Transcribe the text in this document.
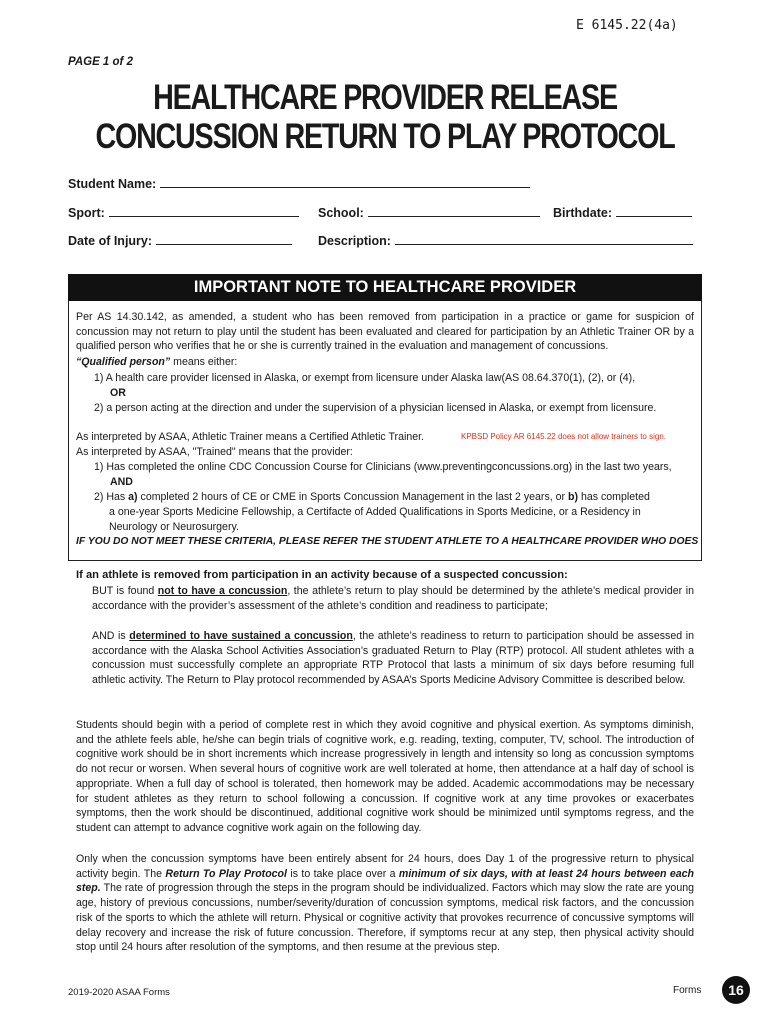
E 6145.22(4a)
PAGE 1 of 2
HEALTHCARE PROVIDER RELEASE
CONCUSSION RETURN TO PLAY PROTOCOL
Student Name:
Sport:	School:	Birthdate:
Date of Injury:	Description:
IMPORTANT NOTE TO HEALTHCARE PROVIDER
Per AS 14.30.142, as amended, a student who has been removed from participation in a practice or game for suspicion of concussion may not return to play until the student has been evaluated and cleared for participation by an Athletic Trainer OR by a qualified person who verifies that he or she is currently trained in the evaluation and management of concussions.
“Qualified person” means either:
1) A health care provider licensed in Alaska, or exempt from licensure under Alaska law(AS 08.64.370(1), (2), or (4),
OR
2) a person acting at the direction and under the supervision of a physician licensed in Alaska, or exempt from licensure.
As interpreted by ASAA, Athletic Trainer means a Certified Athletic Trainer.	KPBSD Policy AR 6145.22 does not allow trainers to sign.
As interpreted by ASAA, "Trained" means that the provider:
1) Has completed the online CDC Concussion Course for Clinicians (www.preventingconcussions.org) in the last two years,
AND
2) Has a) completed 2 hours of CE or CME in Sports Concussion Management in the last 2 years, or b) has completed
a one-year Sports Medicine Fellowship, a Certifacte of Added Qualifications in Sports Medicine, or a Residency in
Neurology or Neurosurgery.
IF YOU DO NOT MEET THESE CRITERIA, PLEASE REFER THE STUDENT ATHLETE TO A HEALTHCARE PROVIDER WHO DOES
If an athlete is removed from participation in an activity because of a suspected concussion:
BUT is found not to have a concussion, the athlete’s return to play should be determined by the athlete’s medical provider in accordance with the provider’s assessment of the athlete’s condition and readiness to participate;
AND is determined to have sustained a concussion, the athlete’s readiness to return to participation should be assessed in accordance with the Alaska School Activities Association’s graduated Return to Play (RTP) protocol. All student athletes with a concussion must successfully complete an appropriate RTP Protocol that lasts a minimum of six days before resuming full athletic activity. The Return to Play protocol recommended by ASAA’s Sports Medicine Advisory Committee is described below.
Students should begin with a period of complete rest in which they avoid cognitive and physical exertion. As symptoms diminish, and the athlete feels able, he/she can begin trials of cognitive work, e.g. reading, texting, computer, TV, school. The introduction of cognitive work should be in short increments which increase progressively in length and intensity so long as concussion symptoms do not recur or worsen. When several hours of cognitive work are well tolerated at home, then attendance at a half day of school is appropriate. When a full day of school is tolerated, then homework may be added. Academic accommodations may be necessary for student athletes as they return to school following a concussion. If cognitive work at any time provokes or exacerbates symptoms, then the work should be discontinued, additional cognitive work should be minimized until symptoms regress, and the student can attempt to advance cognitive work again on the following day.
Only when the concussion symptoms have been entirely absent for 24 hours, does Day 1 of the progressive return to physical activity begin. The Return To Play Protocol is to take place over a minimum of six days, with at least 24 hours between each step. The rate of progression through the steps in the program should be individualized. Factors which may slow the rate are young age, history of previous concussions, number/severity/duration of concussion symptoms, medical risk factors, and the concussion risk of the sports to which the athlete will return. Physical or cognitive activity that provokes recurrence of concussive symptoms will delay recovery and increase the risk of future concussion. Therefore, if symptoms recur at any step, then physical activity should stop until 24 hours after resolution of the symptoms, and then resume at the previous step.
2019-2020 ASAA Forms	Forms	16
